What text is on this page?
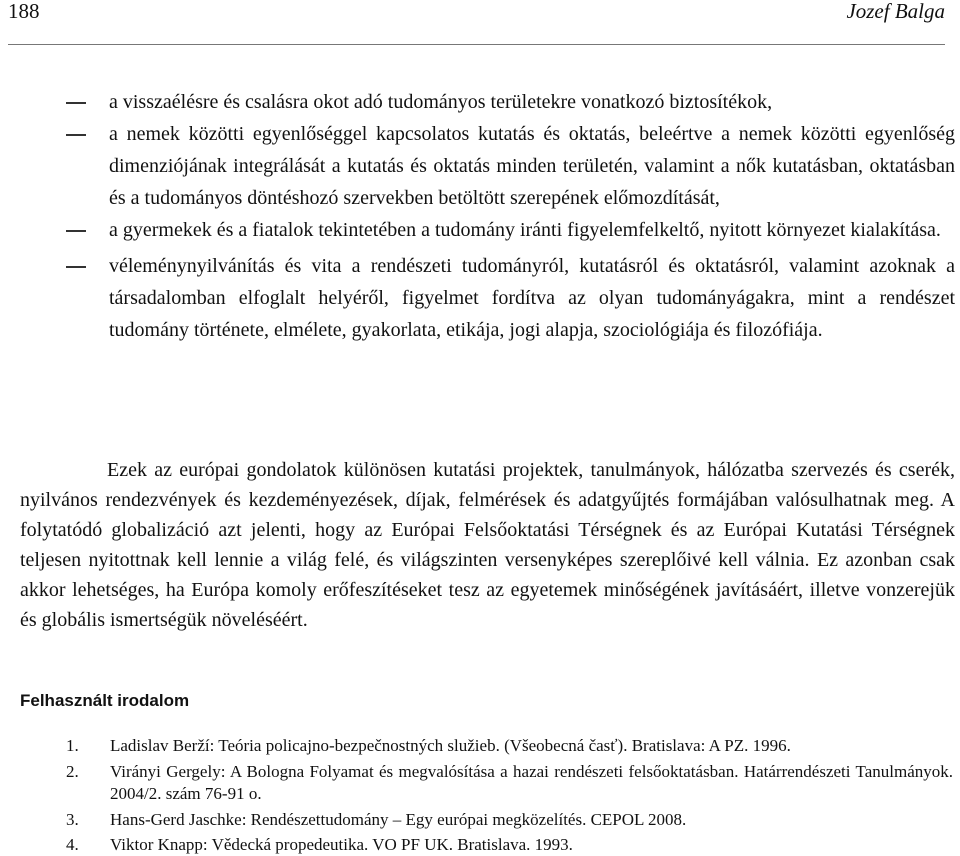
188	Jozef Balga
a visszaélésre és csalásra okot adó tudományos területekre vonatkozó biztosítékok,
a nemek közötti egyenlőséggel kapcsolatos kutatás és oktatás, beleértve a nemek közötti egyenlőség dimenziójának integrálását a kutatás és oktatás minden területén, valamint a nők kutatásban, oktatásban és a tudományos döntéshozó szervekben betöltött szerepének előmozdítását,
a gyermekek és a fiatalok tekintetében a tudomány iránti figyelemfelkeltő, nyitott környezet kialakítása.
véleménynyilvánítás és vita a rendészeti tudományról, kutatásról és oktatásról, valamint azoknak a társadalomban elfoglalt helyéről, figyelmet fordítva az olyan tudományágakra, mint a rendészet tudomány története, elmélete, gyakorlata, etikája, jogi alapja, szociológiája és filozófiája.

Ezek az európai gondolatok különösen kutatási projektek, tanulmányok, hálózatba szervezés és cserék, nyilvános rendezvények és kezdeményezések, díjak, felmérések és adatgyűjtés formájában valósulhatnak meg. A folytatódó globalizáció azt jelenti, hogy az Európai Felsőoktatási Térségnek és az Európai Kutatási Térségnek teljesen nyitottnak kell lennie a világ felé, és világszinten versenyképes szereplőivé kell válnia. Ez azonban csak akkor lehetséges, ha Európa komoly erőfeszítéseket tesz az egyetemek minőségének javításáért, illetve vonzerejük és globális ismertségük növeléséért.

Felhasznált irodalom
1. Ladislav Berží: Teória policajno-bezpečnostných služieb. (Všeobecná časť). Bratislava: A PZ. 1996.
2. Virányi Gergely: A Bologna Folyamat és megvalósítása a hazai rendészeti felsőoktatásban. Határrendészeti Tanulmányok. 2004/2. szám 76-91 o.
3. Hans-Gerd Jaschke: Rendészettudomány – Egy európai megközelítés. CEPOL 2008.
4. Viktor Knapp: Vědecká propedeutika. VO PF UK. Bratislava. 1993.
